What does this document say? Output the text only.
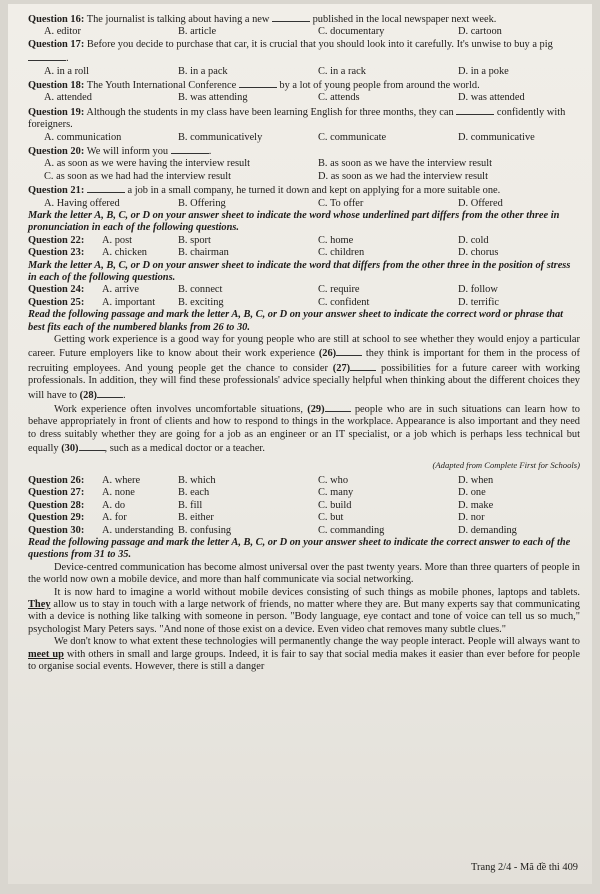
Question 16: The journalist is talking about having a new	published in the local newspaper next week.

A. editor	B. article	C. documentary	D. cartoon

Question 17: Before you decide to purchase that car, it is crucial that you should look into it carefully. It's unwise to buy a pig .

A. in a roll	B. in a pack	C. in a rack	D. in a poke

Question 18: The Youth International Conference	by a lot of young people from around the world.

A. attended	B. was attending	C. attends	D. was attended

Question 19: Although the students in my class have been learning English for three months, they can	confidently with foreigners.

A. communication	B. communicatively	C. communicate	D. communicative

Question 20: We will inform you	.

A. as soon as we were having the interview result	B. as soon as we have the interview result
C. as soon as we had had the interview result	D. as soon as we had the interview result

Question 21:	a job in a small company, he turned it down and kept on applying for a more suitable one.

A. Having offered	B. Offering	C. To offer	D. Offered

Mark the letter A, B, C, or D on your answer sheet to indicate the word whose underlined part differs from the other three in pronunciation in each of the following questions.

Question 22: A. post	B. sport	C. home	D. cold
Question 23: A. chicken	B. chairman	C. children	D. chorus

Mark the letter A, B, C, or D on your answer sheet to indicate the word that differs from the other three in the position of stress in each of the following questions.

Question 24: A. arrive	B. connect	C. require	D. follow
Question 25: A. important B. exciting	C. confident	D. terrific

Read the following passage and mark the letter A, B, C, or D on your answer sheet to indicate the correct word or phrase that best fits each of the numbered blanks from 26 to 30.

Getting work experience is a good way for young people who are still at school to see whether they would enjoy a particular career. Future employers like to know about their work experience (26)	they think is important for them in the process of recruiting employees. And young people get the chance to consider (27)	possibilities for a future career with working professionals. In addition, they will find these professionals' advice specially helpful when thinking about the different choices they will have to (28)	.

Work experience often involves uncomfortable situations, (29)	people who are in such situations can learn how to behave appropriately in front of clients and how to respond to things in the workplace. Appearance is also important and they need to dress suitably whether they are going for a job as an engineer or an IT specialist, or a job which is perhaps less technical but equally (30)	, such as a medical doctor or a teacher.

(Adapted from Complete First for Schools)

Question 26: A. where	B. which	C. who	D. when
Question 27: A. none	B. each	C. many	D. one
Question 28: A. do	B. fill	C. build	D. make
Question 29: A. for	B. either	C. but	D. nor
Question 30: A. understanding B. confusing	C. commanding	D. demanding

Read the following passage and mark the letter A, B, C, or D on your answer sheet to indicate the correct answer to each of the questions from 31 to 35.

Device-centred communication has become almost universal over the past twenty years. More than three quarters of people in the world now own a mobile device, and more than half communicate via social networking.

It is now hard to imagine a world without mobile devices consisting of such things as mobile phones, laptops and tablets. They allow us to stay in touch with a large network of friends, no matter where they are. But many experts say that communicating with a device is nothing like talking with someone in person. "Body language, eye contact and tone of voice can tell us so much," psychologist Mary Peters says. "And none of those exist on a device. Even video chat removes many subtle clues."

We don't know to what extent these technologies will permanently change the way people interact. People will always want to meet up with others in small and large groups. Indeed, it is fair to say that social media makes it easier than ever before for people to organise social events. However, there is still a danger

Trang 2/4 - Mã đề thi 409
